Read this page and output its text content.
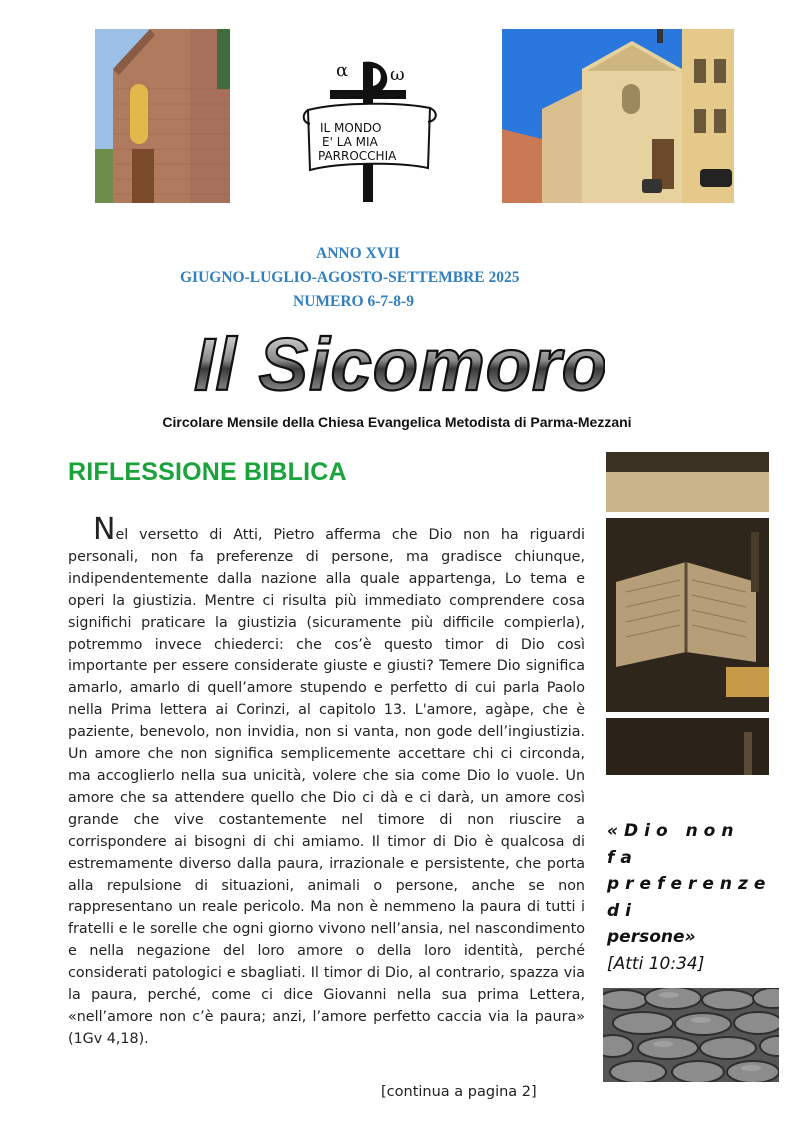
α ω
IL MONDO
E' LA MIA
PARROCCHIA
ANNO XVII
GIUGNO-LUGLIO-AGOSTO-SETTEMBRE 2025
NUMERO 6-7-8-9
Il Sicomoro
Circolare Mensile della Chiesa Evangelica Metodista di Parma-Mezzani
RIFLESSIONE BIBLICA

Nel versetto di Atti, Pietro afferma che Dio non ha riguardi personali, non fa preferenze di persone, ma gradisce chiunque, indipendentemente dalla nazione alla quale appartenga, Lo tema e operi la giustizia. Mentre ci risulta più immediato comprendere cosa significhi praticare la giustizia (sicuramente più difficile compierla), potremmo invece chiederci: che cos’è questo timor di Dio così importante per essere considerate giuste e giusti? Temere Dio significa amarlo, amarlo di quell’amore stupendo e perfetto di cui parla Paolo nella Prima lettera ai Corinzi, al capitolo 13. L'amore, agàpe, che è paziente, benevolo, non invidia, non si vanta, non gode dell’ingiustizia. Un amore che non significa semplicemente accettare chi ci circonda, ma accoglierlo nella sua unicità, volere che sia come Dio lo vuole. Un amore che sa attendere quello che Dio ci dà e ci darà, un amore così grande che vive costantemente nel timore di non riuscire a corrispondere ai bisogni di chi amiamo. Il timor di Dio è qualcosa di estremamente diverso dalla paura, irrazionale e persistente, che porta alla repulsione di situazioni, animali o persone, anche se non rappresentano un reale pericolo. Ma non è nemmeno la paura di tutti i fratelli e le sorelle che ogni giorno vivono nell’ansia, nel nascondimento e nella negazione del loro amore o della loro identità, perché considerati patologici e sbagliati. Il timor di Dio, al contrario, spazza via la paura, perché, come ci dice Giovanni nella sua prima Lettera, «nell’amore non c’è paura; anzi, l’amore perfetto caccia via la paura» (1Gv 4,18).

[continua a pagina 2]
«Dio non fa
preferenze di
persone»
[Atti 10:34]
